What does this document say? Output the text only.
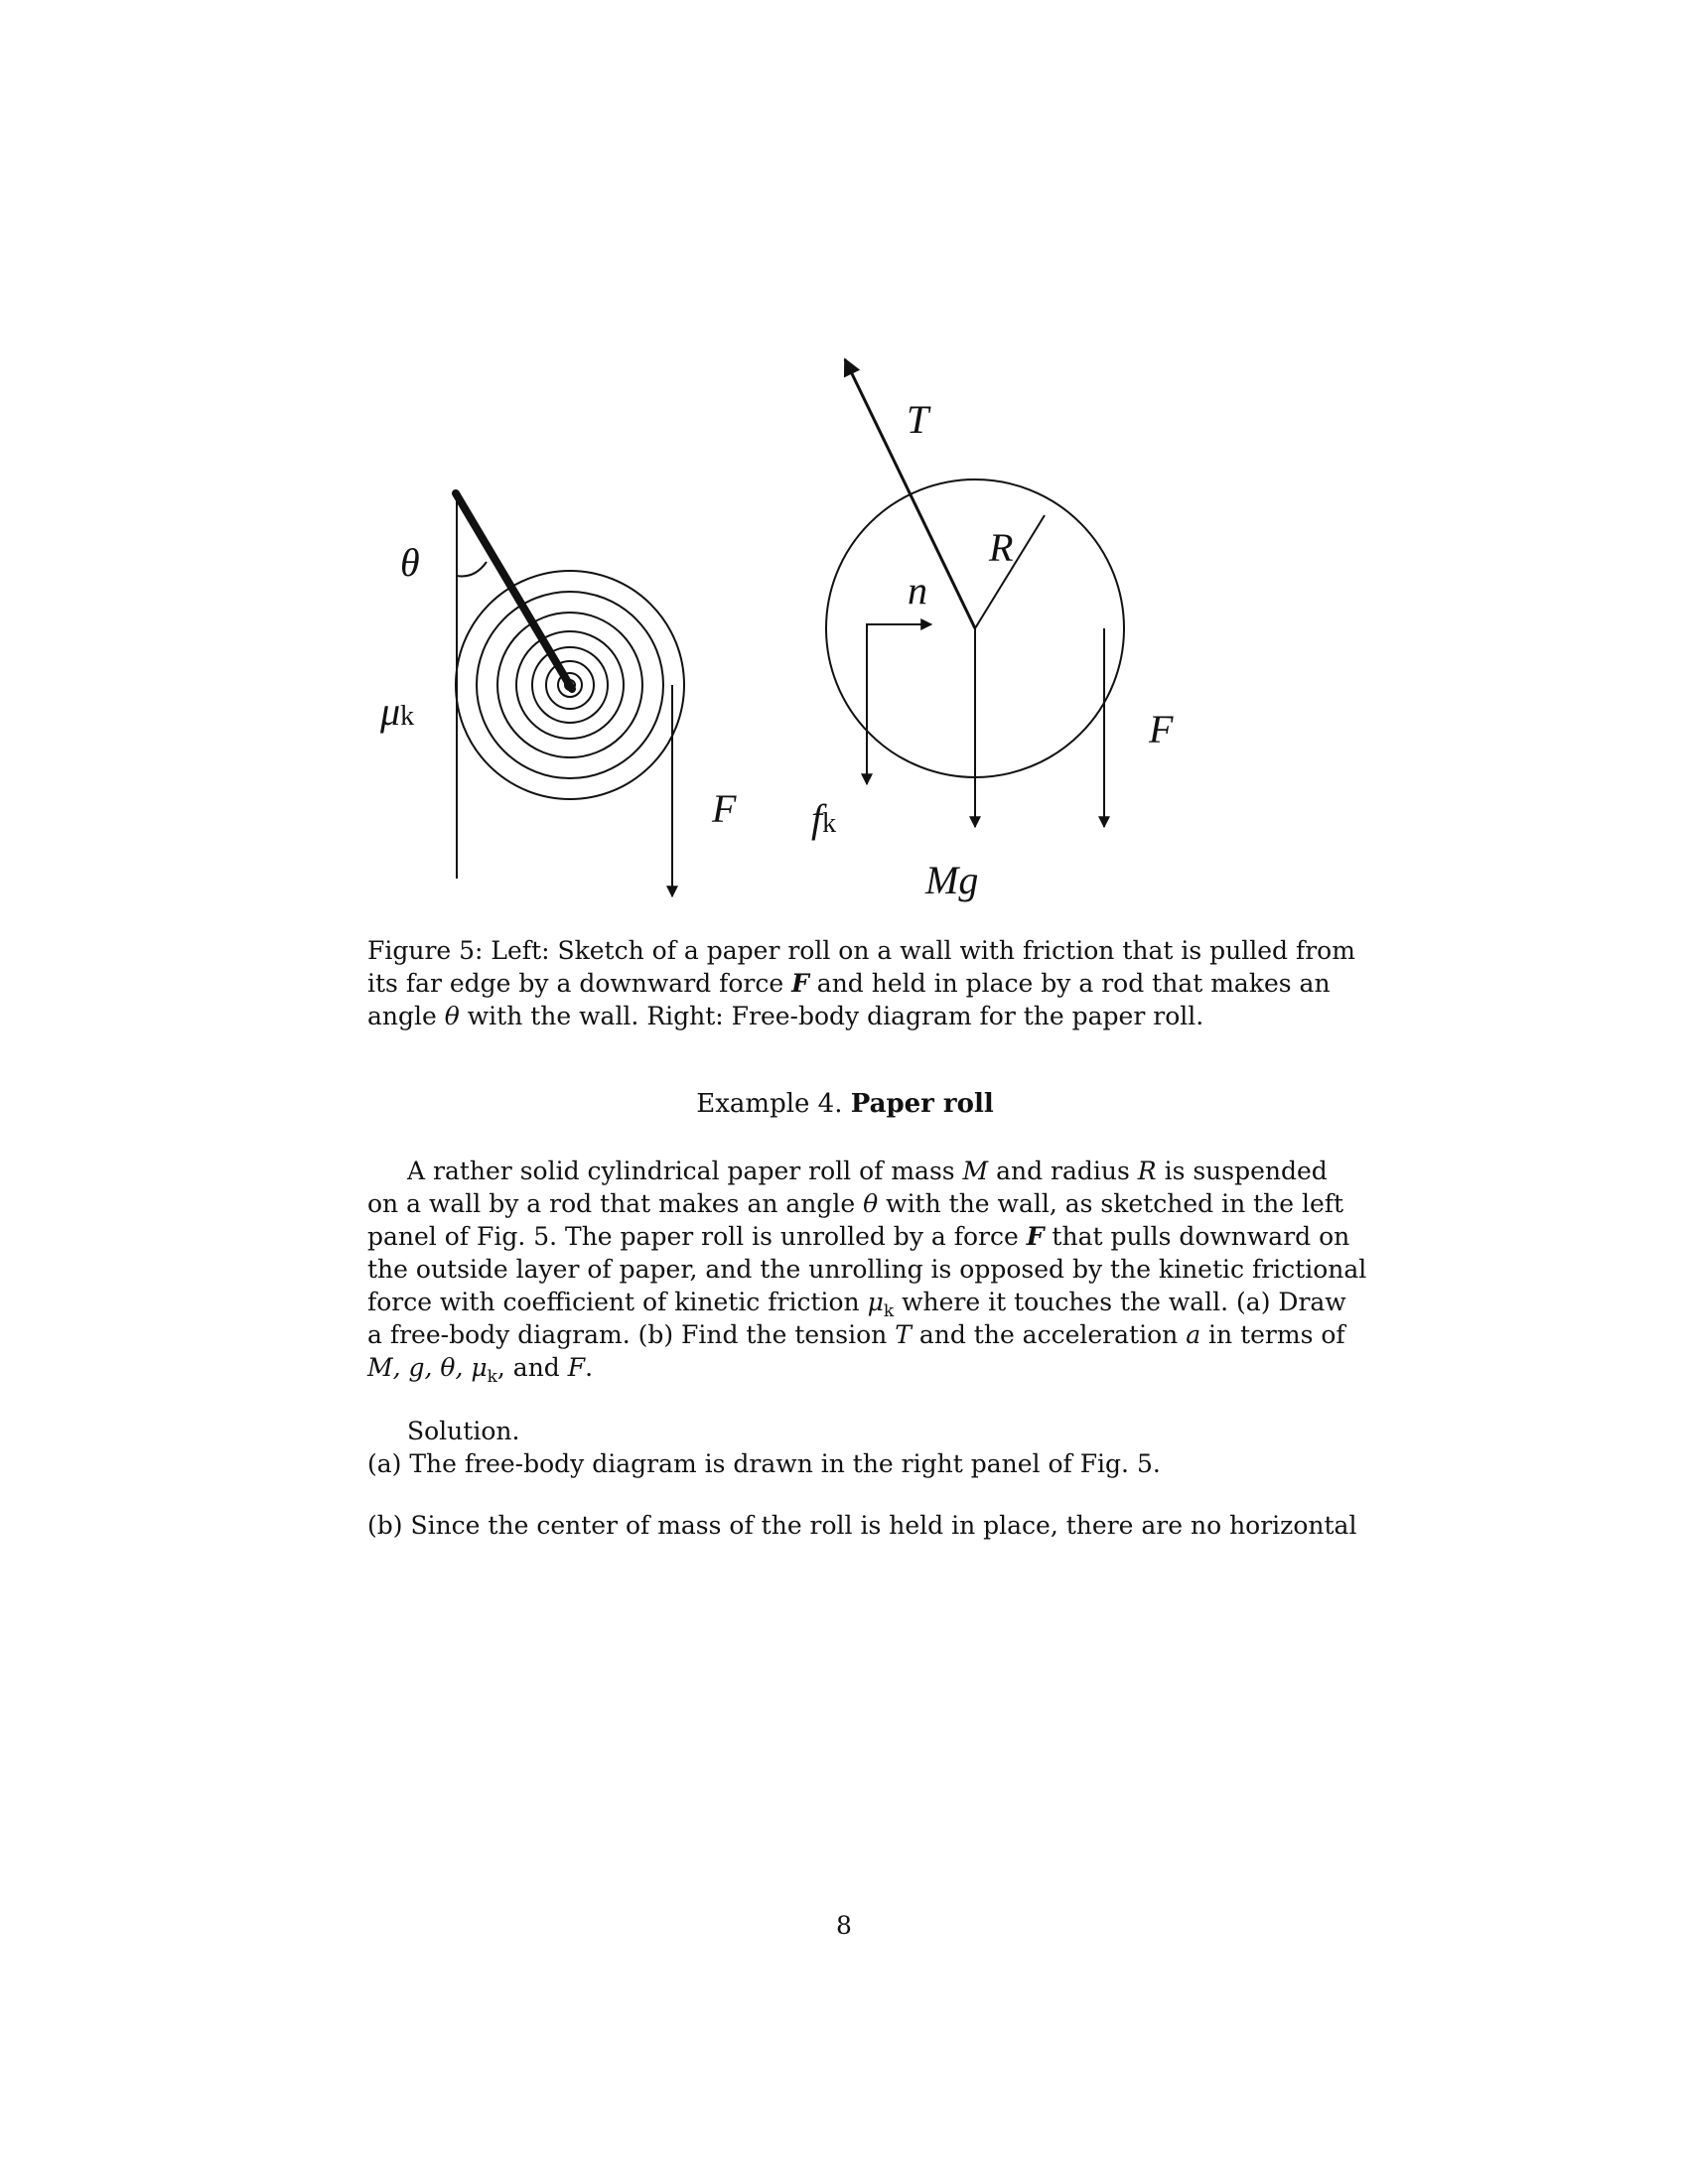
θ
μk
F
T
R
n
F
fk
Mg
Figure 5: Left: Sketch of a paper roll on a wall with friction that is pulled from
its far edge by a downward force F and held in place by a rod that makes an
angle θ with the wall. Right: Free-body diagram for the paper roll.
Example 4. Paper roll
A rather solid cylindrical paper roll of mass M and radius R is suspended
on a wall by a rod that makes an angle θ with the wall, as sketched in the left
panel of Fig. 5. The paper roll is unrolled by a force F that pulls downward on
the outside layer of paper, and the unrolling is opposed by the kinetic frictional
force with coefficient of kinetic friction $\mu_k$ where it touches the wall. (a) Draw
a free-body diagram. (b) Find the tension T and the acceleration a in terms of
M, g, θ, $\mu_k$, and F.
Solution.
(a) The free-body diagram is drawn in the right panel of Fig. 5.
(b) Since the center of mass of the roll is held in place, there are no horizontal
8
